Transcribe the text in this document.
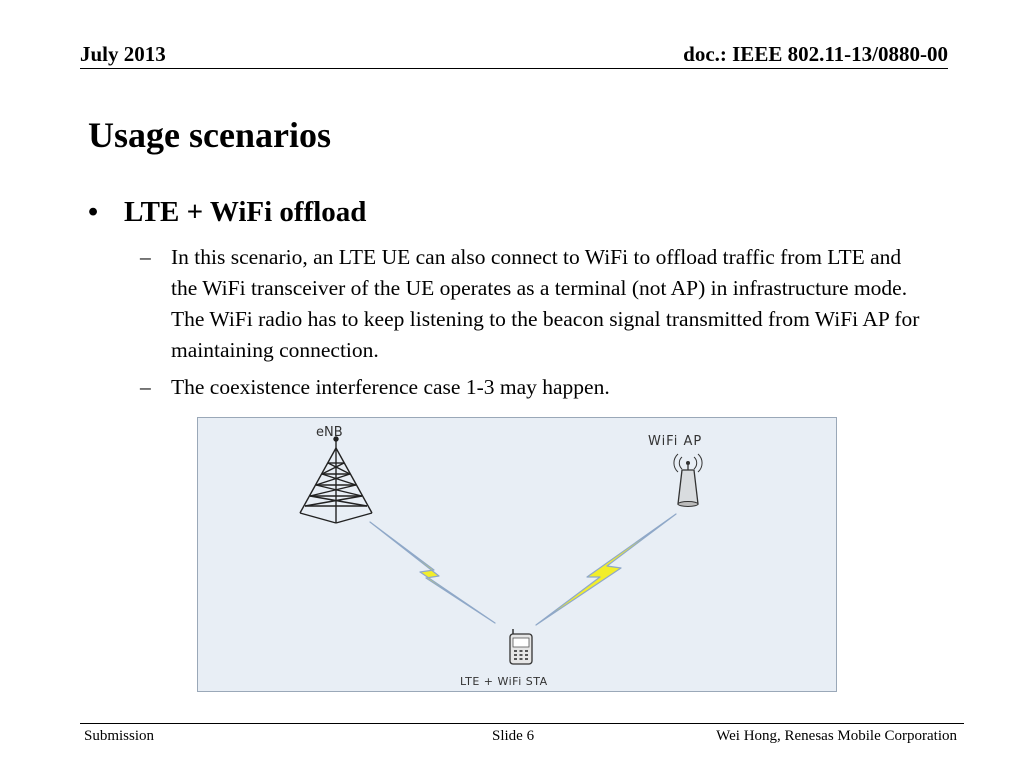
July 2013	doc.: IEEE 802.11-13/0880-00
Usage scenarios
• LTE + WiFi offload
– In this scenario, an LTE UE can also connect to WiFi to offload traffic from LTE and the WiFi transceiver of the UE operates as a terminal (not AP) in infrastructure mode. The WiFi radio has to keep listening to the beacon signal transmitted from WiFi AP for maintaining connection.
– The coexistence interference case 1-3 may happen.
eNB
WiFi AP
LTE + WiFi STA
Submission	Slide 6	Wei Hong, Renesas Mobile Corporation
